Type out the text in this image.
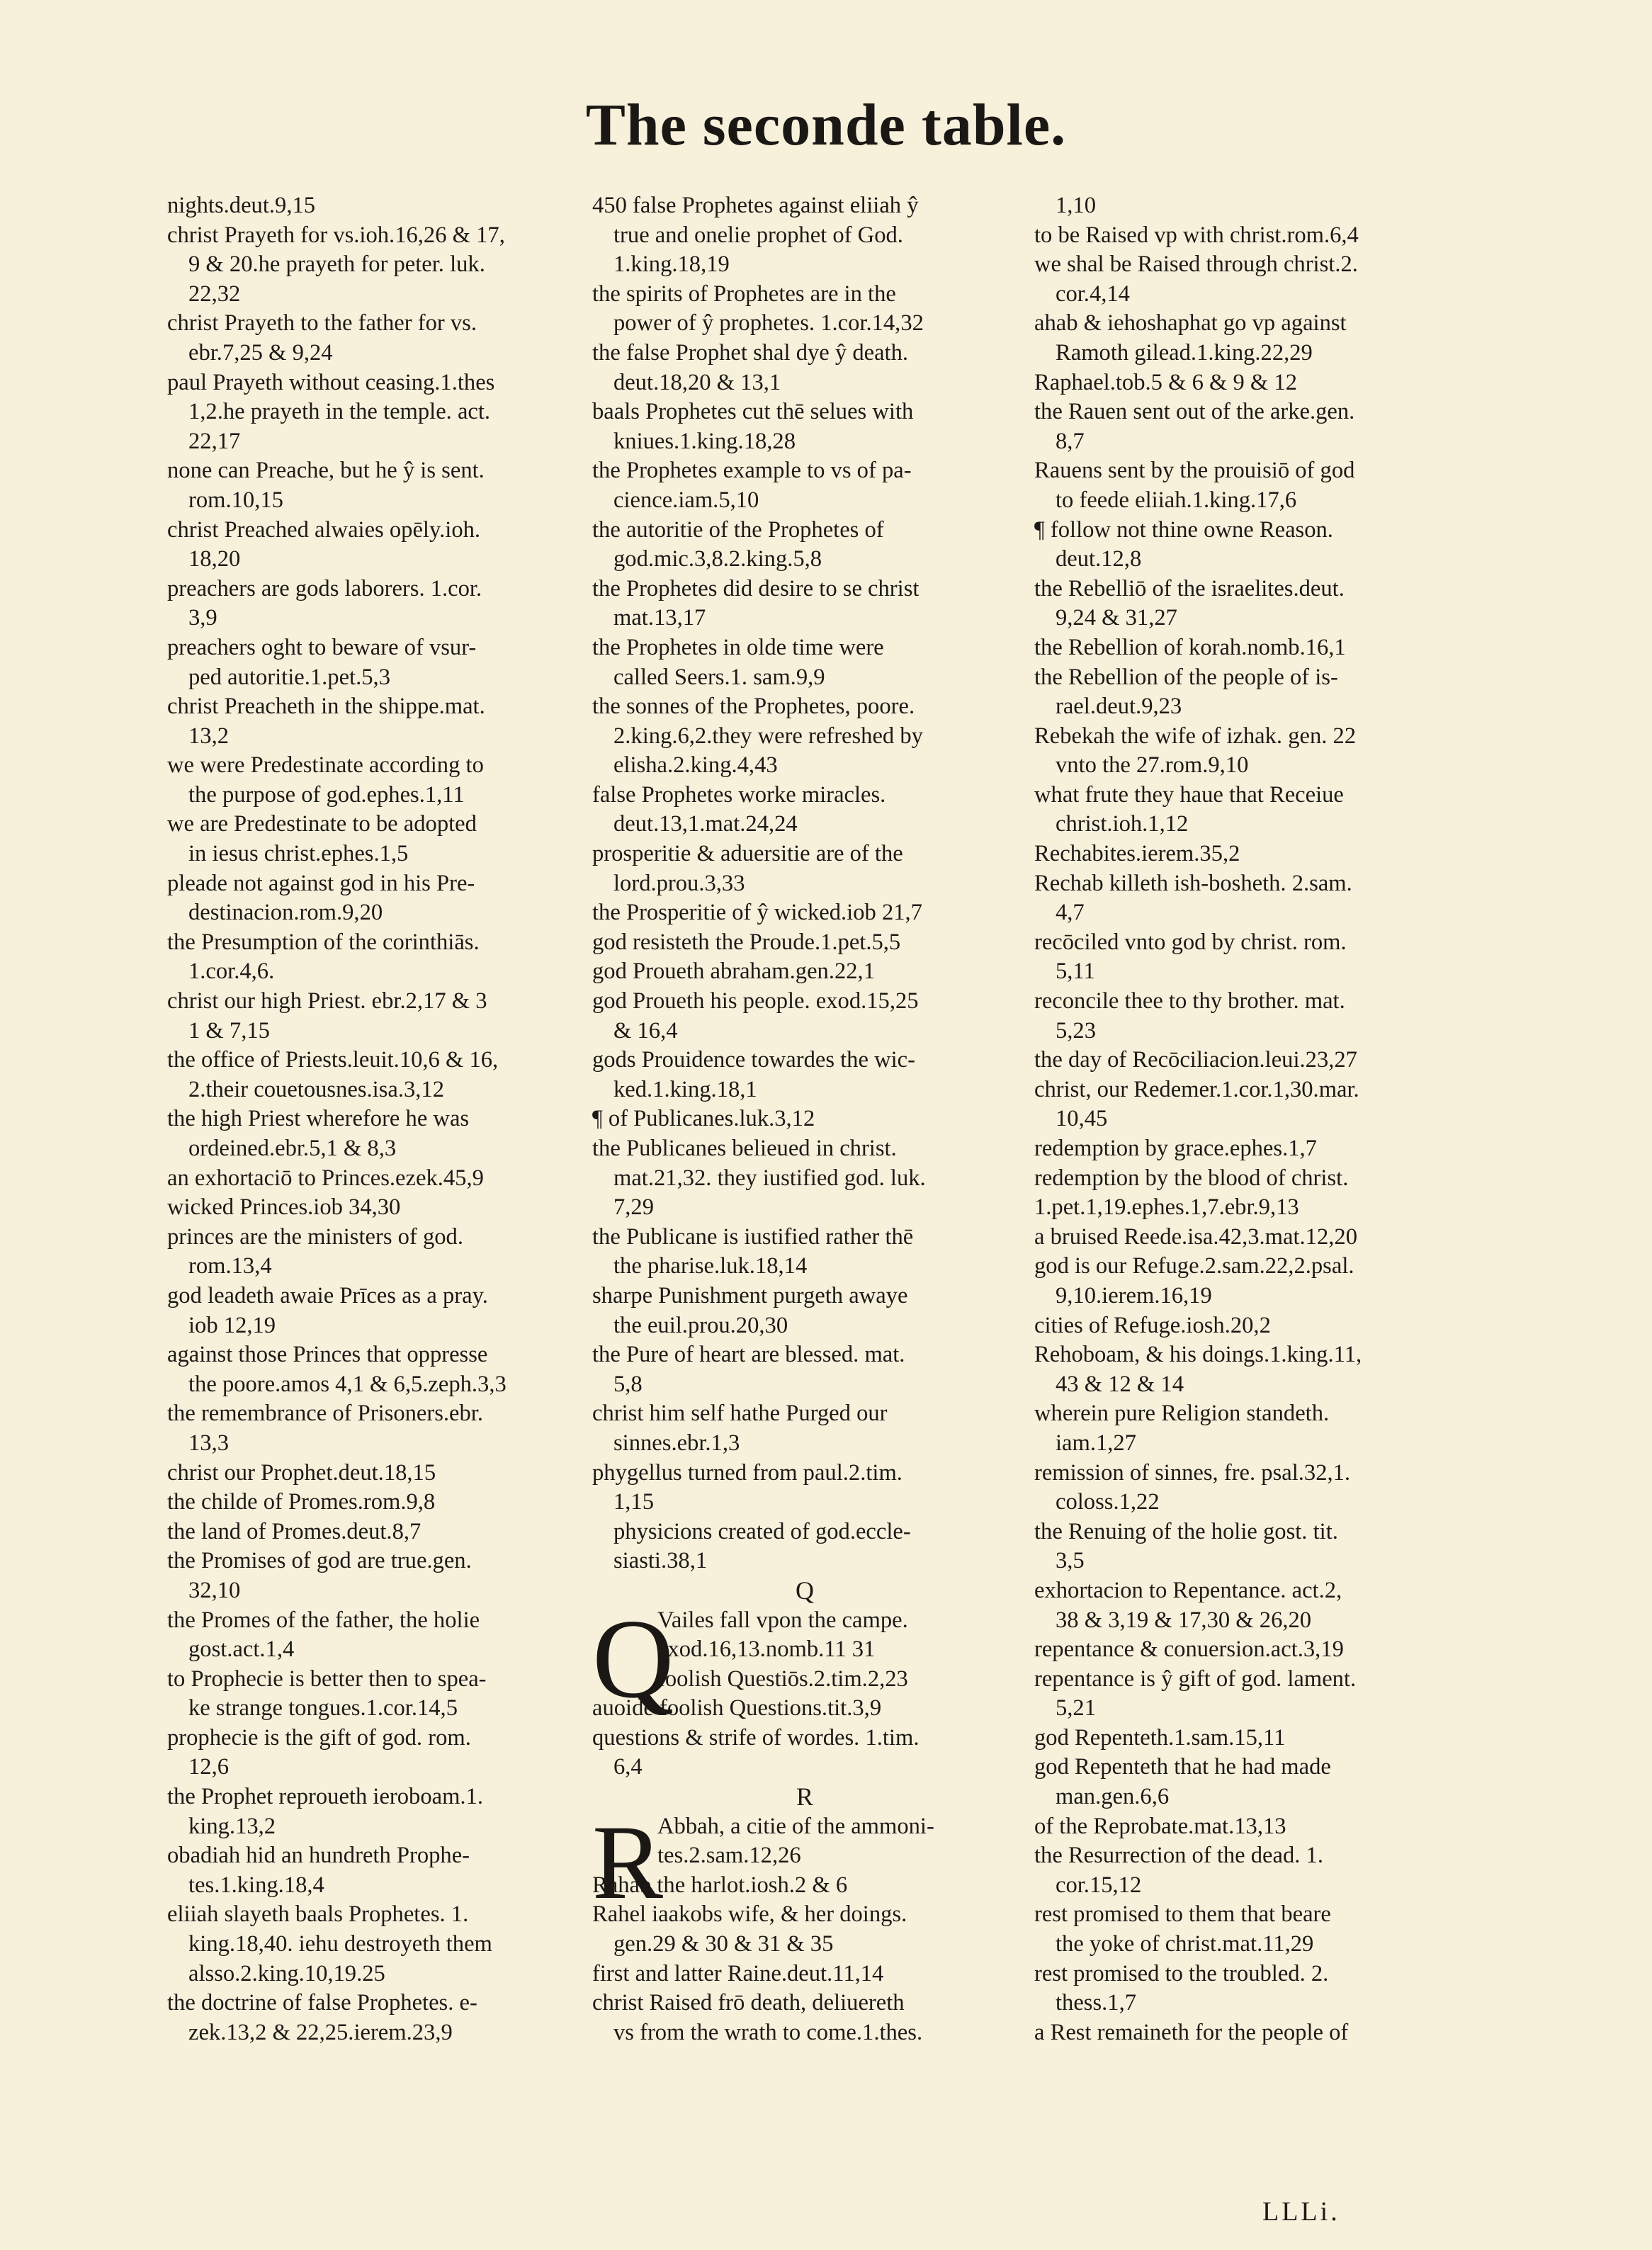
The seconde table.
nights.deut.9,15
christ Prayeth for vs.ioh.16,26 & 17,
9 & 20.he prayeth for peter. luk.
22,32
christ Prayeth to the father for vs.
ebr.7,25 & 9,24
paul Prayeth without ceasing.1.thes
1,2.he prayeth in the temple. act.
22,17
none can Preache, but he ŷ is sent.
rom.10,15
christ Preached alwaies opēly.ioh.
18,20
preachers are gods laborers. 1.cor.
3,9
preachers oght to beware of vsur-
ped autoritie.1.pet.5,3
christ Preacheth in the shippe.mat.
13,2
we were Predestinate according to
the purpose of god.ephes.1,11
we are Predestinate to be adopted
in iesus christ.ephes.1,5
pleade not against god in his Pre-
destinacion.rom.9,20
the Presumption of the corinthiās.
1.cor.4,6.
christ our high Priest. ebr.2,17 & 3
1 & 7,15
the office of Priests.leuit.10,6 & 16,
2.their couetousnes.isa.3,12
the high Priest wherefore he was
ordeined.ebr.5,1 & 8,3
an exhortaciō to Princes.ezek.45,9
wicked Princes.iob 34,30
princes are the ministers of god.
rom.13,4
god leadeth awaie Prīces as a pray.
iob 12,19
against those Princes that oppresse
the poore.amos 4,1 & 6,5.zeph.3,3
the remembrance of Prisoners.ebr.
13,3
christ our Prophet.deut.18,15
the childe of Promes.rom.9,8
the land of Promes.deut.8,7
the Promises of god are true.gen.
32,10
the Promes of the father, the holie
gost.act.1,4
to Prophecie is better then to spea-
ke strange tongues.1.cor.14,5
prophecie is the gift of god. rom.
12,6
the Prophet reproueth ieroboam.1.
king.13,2
obadiah hid an hundreth Prophe-
tes.1.king.18,4
eliiah slayeth baals Prophetes. 1.
king.18,40. iehu destroyeth them
alsso.2.king.10,19.25
the doctrine of false Prophetes. e-
zek.13,2 & 22,25.ierem.23,9
450 false Prophetes against eliiah ŷ
true and onelie prophet of God.
1.king.18,19
the spirits of Prophetes are in the
power of ŷ prophetes. 1.cor.14,32
the false Prophet shal dye ŷ death.
deut.18,20 & 13,1
baals Prophetes cut thē selues with
kniues.1.king.18,28
the Prophetes example to vs of pa-
cience.iam.5,10
the autoritie of the Prophetes of
god.mic.3,8.2.king.5,8
the Prophetes did desire to se christ
mat.13,17
the Prophetes in olde time were
called Seers.1. sam.9,9
the sonnes of the Prophetes, poore.
2.king.6,2.they were refreshed by
elisha.2.king.4,43
false Prophetes worke miracles.
deut.13,1.mat.24,24
prosperitie & aduersitie are of the
lord.prou.3,33
the Prosperitie of ŷ wicked.iob 21,7
god resisteth the Proude.1.pet.5,5
god Proueth abraham.gen.22,1
god Proueth his people. exod.15,25
& 16,4
gods Prouidence towardes the wic-
ked.1.king.18,1
¶ of Publicanes.luk.3,12
the Publicanes belieued in christ.
mat.21,32. they iustified god. luk.
7,29
the Publicane is iustified rather thē
the pharise.luk.18,14
sharpe Punishment purgeth awaye
the euil.prou.20,30
the Pure of heart are blessed. mat.
5,8
christ him self hathe Purged our
sinnes.ebr.1,3
phygellus turned from paul.2.tim.
1,15
physicions created of god.eccle-
siasti.38,1
Q
Q
Vailes fall vpon the campe.
exod.16,13.nomb.11 31
foolish Questiōs.2.tim.2,23
auoide foolish Questions.tit.3,9
questions & strife of wordes. 1.tim.
6,4
R
R
Abbah, a citie of the ammoni-
tes.2.sam.12,26
Rahab the harlot.iosh.2 & 6
Rahel iaakobs wife, & her doings.
gen.29 & 30 & 31 & 35
first and latter Raine.deut.11,14
christ Raised frō death, deliuereth
vs from the wrath to come.1.thes.
1,10
to be Raised vp with christ.rom.6,4
we shal be Raised through christ.2.
cor.4,14
ahab & iehoshaphat go vp against
Ramoth gilead.1.king.22,29
Raphael.tob.5 & 6 & 9 & 12
the Rauen sent out of the arke.gen.
8,7
Rauens sent by the prouisiō of god
to feede eliiah.1.king.17,6
¶ follow not thine owne Reason.
deut.12,8
the Rebelliō of the israelites.deut.
9,24 & 31,27
the Rebellion of korah.nomb.16,1
the Rebellion of the people of is-
rael.deut.9,23
Rebekah the wife of izhak. gen. 22
vnto the 27.rom.9,10
what frute they haue that Receiue
christ.ioh.1,12
Rechabites.ierem.35,2
Rechab killeth ish-bosheth. 2.sam.
4,7
recōciled vnto god by christ. rom.
5,11
reconcile thee to thy brother. mat.
5,23
the day of Recōciliacion.leui.23,27
christ, our Redemer.1.cor.1,30.mar.
10,45
redemption by grace.ephes.1,7
redemption by the blood of christ.
1.pet.1,19.ephes.1,7.ebr.9,13
a bruised Reede.isa.42,3.mat.12,20
god is our Refuge.2.sam.22,2.psal.
9,10.ierem.16,19
cities of Refuge.iosh.20,2
Rehoboam, & his doings.1.king.11,
43 & 12 & 14
wherein pure Religion standeth.
iam.1,27
remission of sinnes, fre. psal.32,1.
coloss.1,22
the Renuing of the holie gost. tit.
3,5
exhortacion to Repentance. act.2,
38 & 3,19 & 17,30 & 26,20
repentance & conuersion.act.3,19
repentance is ŷ gift of god. lament.
5,21
god Repenteth.1.sam.15,11
god Repenteth that he had made
man.gen.6,6
of the Reprobate.mat.13,13
the Resurrection of the dead. 1.
cor.15,12
rest promised to them that beare
the yoke of christ.mat.11,29
rest promised to the troubled. 2.
thess.1,7
a Rest remaineth for the people of
LLLi.
